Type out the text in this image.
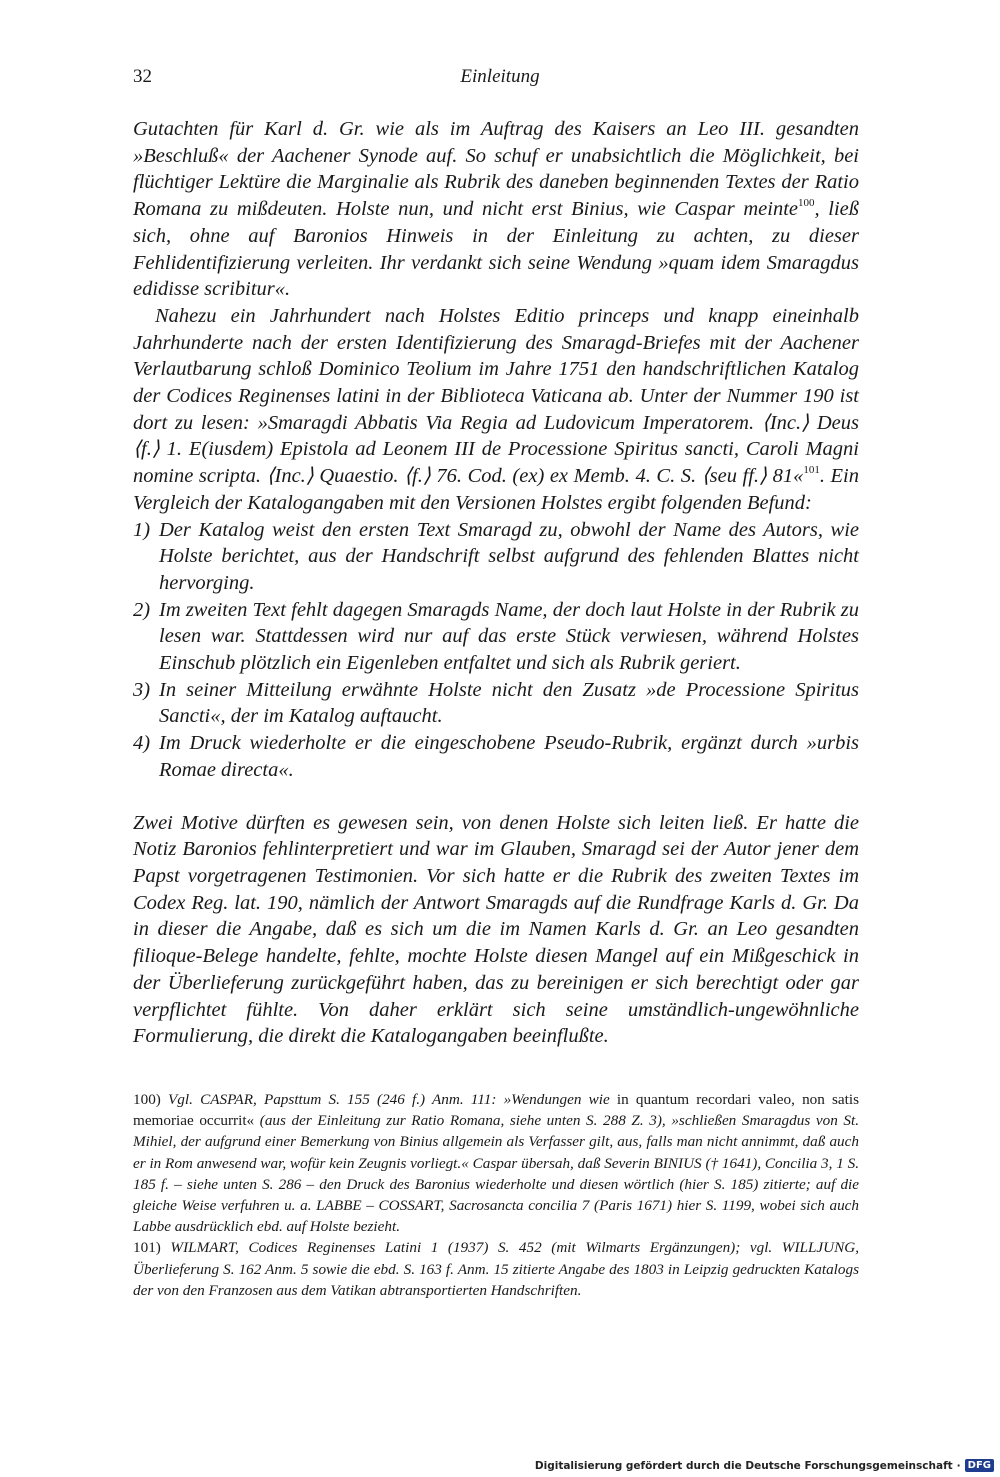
32	Einleitung

Gutachten für Karl d. Gr. wie als im Auftrag des Kaisers an Leo III. gesandten »Beschluß« der Aachener Synode auf. So schuf er unabsichtlich die Möglichkeit, bei flüchtiger Lektüre die Marginalie als Rubrik des daneben beginnenden Textes der Ratio Romana zu mißdeuten. Holste nun, und nicht erst Binius, wie Caspar meinte$^{100}$, ließ sich, ohne auf Baronios Hinweis in der Einleitung zu achten, zu dieser Fehlidentifizierung verleiten. Ihr verdankt sich seine Wendung »quam idem Smaragdus edidisse scribitur«.

Nahezu ein Jahrhundert nach Holstes Editio princeps und knapp eineinhalb Jahrhunderte nach der ersten Identifizierung des Smaragd-Briefes mit der Aachener Verlautbarung schloß Dominico Teolium im Jahre 1751 den handschriftlichen Katalog der Codices Reginenses latini in der Biblioteca Vaticana ab. Unter der Nummer 190 ist dort zu lesen: »Smaragdi Abbatis Via Regia ad Ludovicum Imperatorem. ⟨Inc.⟩ Deus ⟨f.⟩ 1. E(iusdem) Epistola ad Leonem III de Processione Spiritus sancti, Caroli Magni nomine scripta. ⟨Inc.⟩ Quaestio. ⟨f.⟩ 76. Cod. (ex) ex Memb. 4. C. S. ⟨seu ff.⟩ 81«$^{101}$. Ein Vergleich der Katalogangaben mit den Versionen Holstes ergibt folgenden Befund:

1) Der Katalog weist den ersten Text Smaragd zu, obwohl der Name des Autors, wie Holste berichtet, aus der Handschrift selbst aufgrund des fehlenden Blattes nicht hervorging.

2) Im zweiten Text fehlt dagegen Smaragds Name, der doch laut Holste in der Rubrik zu lesen war. Stattdessen wird nur auf das erste Stück verwiesen, während Holstes Einschub plötzlich ein Eigenleben entfaltet und sich als Rubrik geriert.

3) In seiner Mitteilung erwähnte Holste nicht den Zusatz »de Processione Spiritus Sancti«, der im Katalog auftaucht.

4) Im Druck wiederholte er die eingeschobene Pseudo-Rubrik, ergänzt durch »urbis Romae directa«.

Zwei Motive dürften es gewesen sein, von denen Holste sich leiten ließ. Er hatte die Notiz Baronios fehlinterpretiert und war im Glauben, Smaragd sei der Autor jener dem Papst vorgetragenen Testimonien. Vor sich hatte er die Rubrik des zweiten Textes im Codex Reg. lat. 190, nämlich der Antwort Smaragds auf die Rundfrage Karls d. Gr. Da in dieser die Angabe, daß es sich um die im Namen Karls d. Gr. an Leo gesandten filioque-Belege handelte, fehlte, mochte Holste diesen Mangel auf ein Mißgeschick in der Überlieferung zurückgeführt haben, das zu bereinigen er sich berechtigt oder gar verpflichtet fühlte. Von daher erklärt sich seine umständlich-ungewöhnliche Formulierung, die direkt die Katalogangaben beeinflußte.

100) Vgl. CASPAR, Papsttum S. 155 (246 f.) Anm. 111: »Wendungen wie in quantum recordari valeo, non satis memoriae occurrit« (aus der Einleitung zur Ratio Romana, siehe unten S. 288 Z. 3), »schließen Smaragdus von St. Mihiel, der aufgrund einer Bemerkung von Binius allgemein als Verfasser gilt, aus, falls man nicht annimmt, daß auch er in Rom anwesend war, wofür kein Zeugnis vorliegt.« Caspar übersah, daß Severin BINIUS († 1641), Concilia 3, 1 S. 185 f. – siehe unten S. 286 – den Druck des Baronius wiederholte und diesen wörtlich (hier S. 185) zitierte; auf die gleiche Weise verfuhren u. a. LABBE – COSSART, Sacrosancta concilia 7 (Paris 1671) hier S. 1199, wobei sich auch Labbe ausdrücklich ebd. auf Holste bezieht.

101) WILMART, Codices Reginenses Latini 1 (1937) S. 452 (mit Wilmarts Ergänzungen); vgl. WILLJUNG, Überlieferung S. 162 Anm. 5 sowie die ebd. S. 163 f. Anm. 15 zitierte Angabe des 1803 in Leipzig gedruckten Katalogs der von den Franzosen aus dem Vatikan abtransportierten Handschriften.

Digitalisierung gefördert durch die Deutsche Forschungsgemeinschaft · DFG
